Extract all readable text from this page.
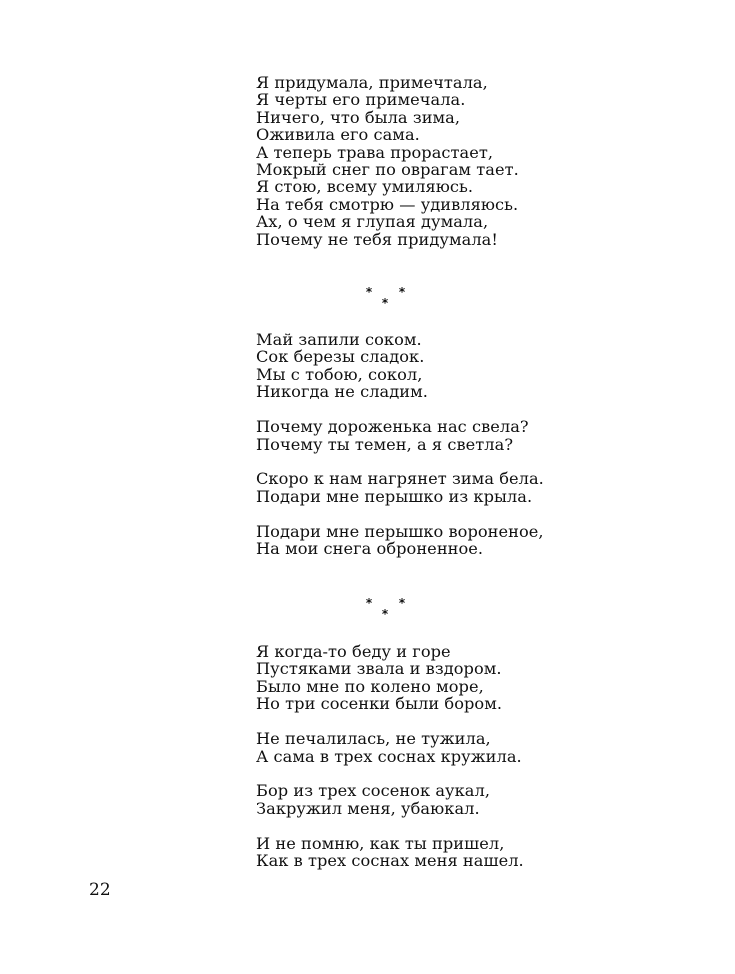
Я придумала, примечтала,
Я черты его примечала.
Ничего, что была зима,
Оживила его сама.
А теперь трава прорастает,
Мокрый снег по оврагам тает.
Я стою, всему умиляюсь.
На тебя смотрю — удивляюсь.
Ах, о чем я глупая думала,
Почему не тебя придумала!
* *
*
Май запили соком.
Сок березы сладок.
Мы с тобою, сокол,
Никогда не сладим.
Почему дороженька нас свела?
Почему ты темен, а я светла?
Скоро к нам нагрянет зима бела.
Подари мне перышко из крыла.
Подари мне перышко вороненое,
На мои снега оброненное.
* *
*
Я когда-то беду и горе
Пустяками звала и вздором.
Было мне по колено море,
Но три сосенки были бором.
Не печалилась, не тужила,
А сама в трех соснах кружила.
Бор из трех сосенок аукал,
Закружил меня, убаюкал.
И не помню, как ты пришел,
Как в трех соснах меня нашел.
22
